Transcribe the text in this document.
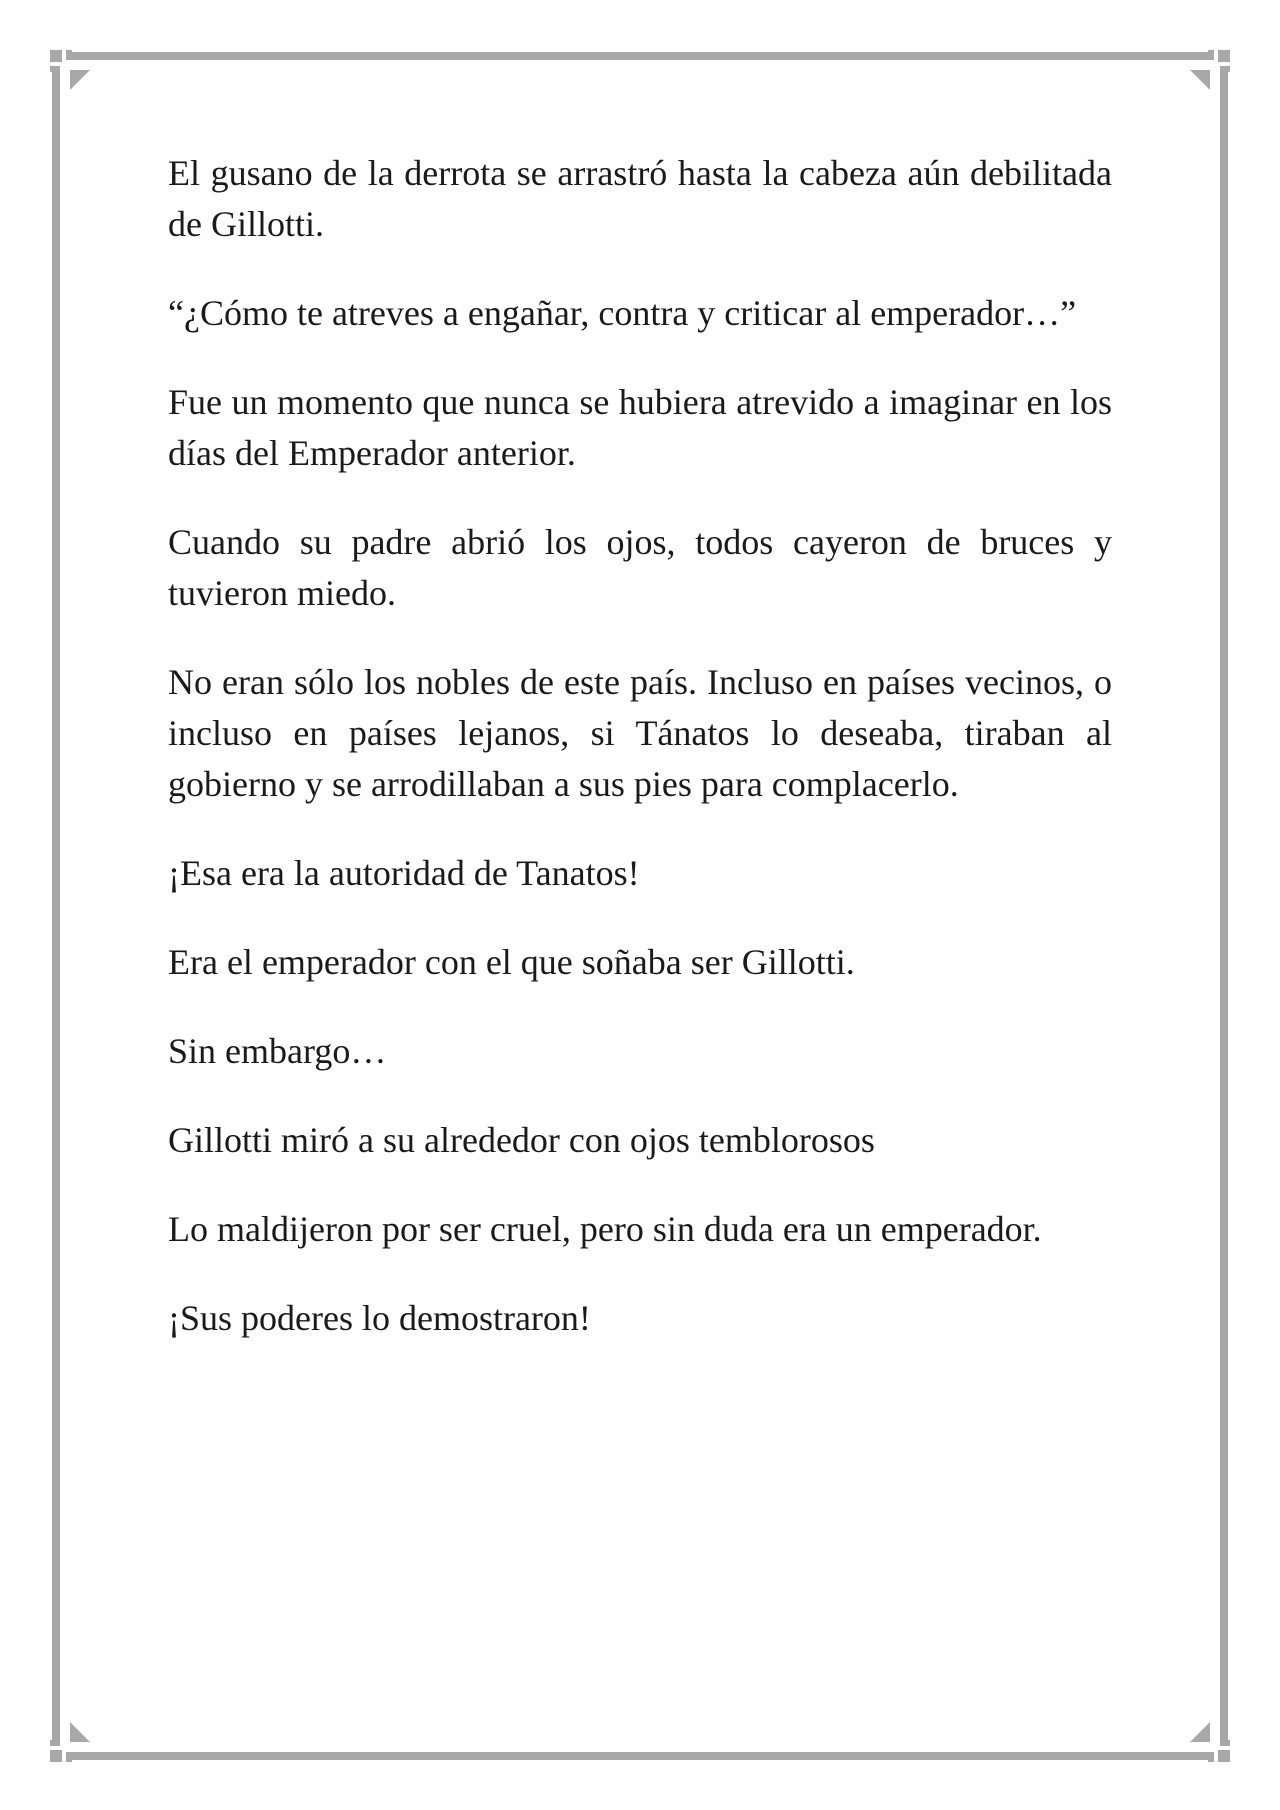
El gusano de la derrota se arrastró hasta la cabeza aún debilitada de Gillotti.

“¿Cómo te atreves a engañar, contra y criticar al emperador…”

Fue un momento que nunca se hubiera atrevido a imaginar en los días del Emperador anterior.

Cuando su padre abrió los ojos, todos cayeron de bruces y tuvieron miedo.

No eran sólo los nobles de este país. Incluso en países vecinos, o incluso en países lejanos, si Tánatos lo deseaba, tiraban al gobierno y se arrodillaban a sus pies para complacerlo.

¡Esa era la autoridad de Tanatos!

Era el emperador con el que soñaba ser Gillotti.

Sin embargo…

Gillotti miró a su alrededor con ojos temblorosos

Lo maldijeron por ser cruel, pero sin duda era un emperador.

¡Sus poderes lo demostraron!
